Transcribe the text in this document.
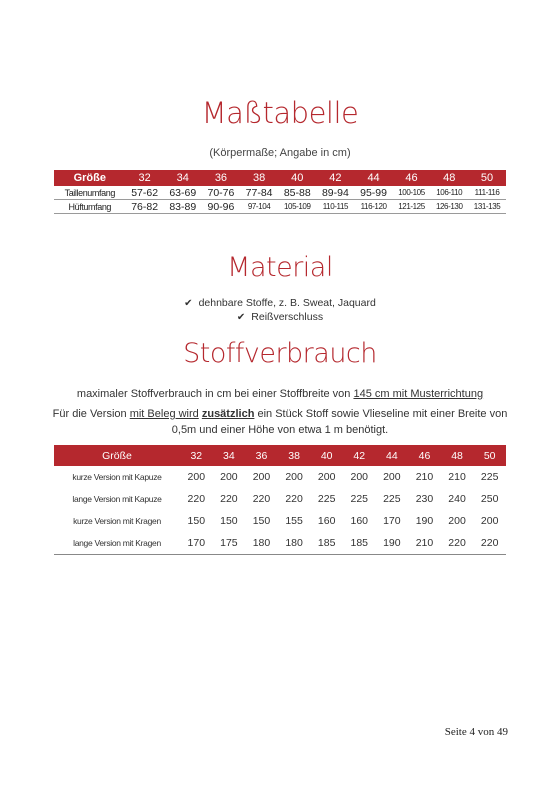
Maßtabelle
(Körpermaße; Angabe in cm)
Größe	32	34	36	38	40	42	44	46	48	50
Taillenumfang	57-62	63-69	70-76	77-84	85-88	89-94	95-99	100-105	106-110	111-116
Hüftumfang	76-82	83-89	90-96	97-104	105-109	110-115	116-120	121-125	126-130	131-135
Material
✔ dehnbare Stoffe, z. B. Sweat, Jaquard
✔ Reißverschluss
Stoffverbrauch
maximaler Stoffverbrauch in cm bei einer Stoffbreite von 145 cm mit Musterrichtung
Für die Version mit Beleg wird zusätzlich ein Stück Stoff sowie Vlieseline mit einer Breite von 0,5m und einer Höhe von etwa 1 m benötigt.
Größe	32	34	36	38	40	42	44	46	48	50
kurze Version mit Kapuze	200	200	200	200	200	200	200	210	210	225
lange Version mit Kapuze	220	220	220	220	225	225	225	230	240	250
kurze Version mit Kragen	150	150	150	155	160	160	170	190	200	200
lange Version mit Kragen	170	175	180	180	185	185	190	210	220	220
Seite 4 von 49
